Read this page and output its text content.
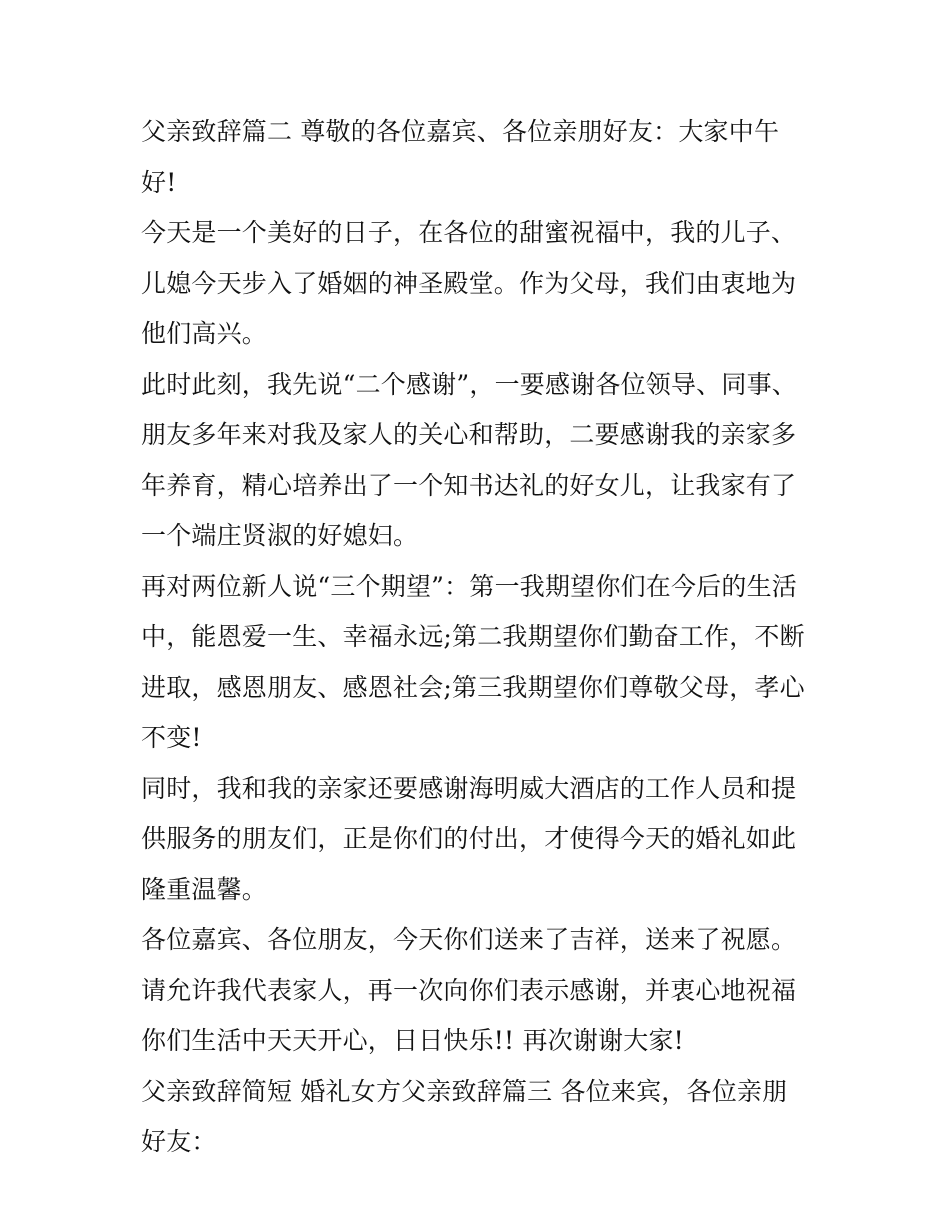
父亲致辞篇二 尊敬的各位嘉宾、各位亲朋好友：大家中午好!

今天是一个美好的日子，在各位的甜蜜祝福中，我的儿子、儿媳今天步入了婚姻的神圣殿堂。作为父母，我们由衷地为他们高兴。

此时此刻，我先说“二个感谢”，一要感谢各位领导、同事、朋友多年来对我及家人的关心和帮助，二要感谢我的亲家多年养育，精心培养出了一个知书达礼的好女儿，让我家有了一个端庄贤淑的好媳妇。

再对两位新人说“三个期望”：第一我期望你们在今后的生活中，能恩爱一生、幸福永远;第二我期望你们勤奋工作，不断进取，感恩朋友、感恩社会;第三我期望你们尊敬父母，孝心不变!

同时，我和我的亲家还要感谢海明威大酒店的工作人员和提供服务的朋友们，正是你们的付出，才使得今天的婚礼如此隆重温馨。

各位嘉宾、各位朋友，今天你们送来了吉祥，送来了祝愿。请允许我代表家人，再一次向你们表示感谢，并衷心地祝福你们生活中天天开心，日日快乐!! 再次谢谢大家!

父亲致辞简短 婚礼女方父亲致辞篇三 各位来宾，各位亲朋好友：
